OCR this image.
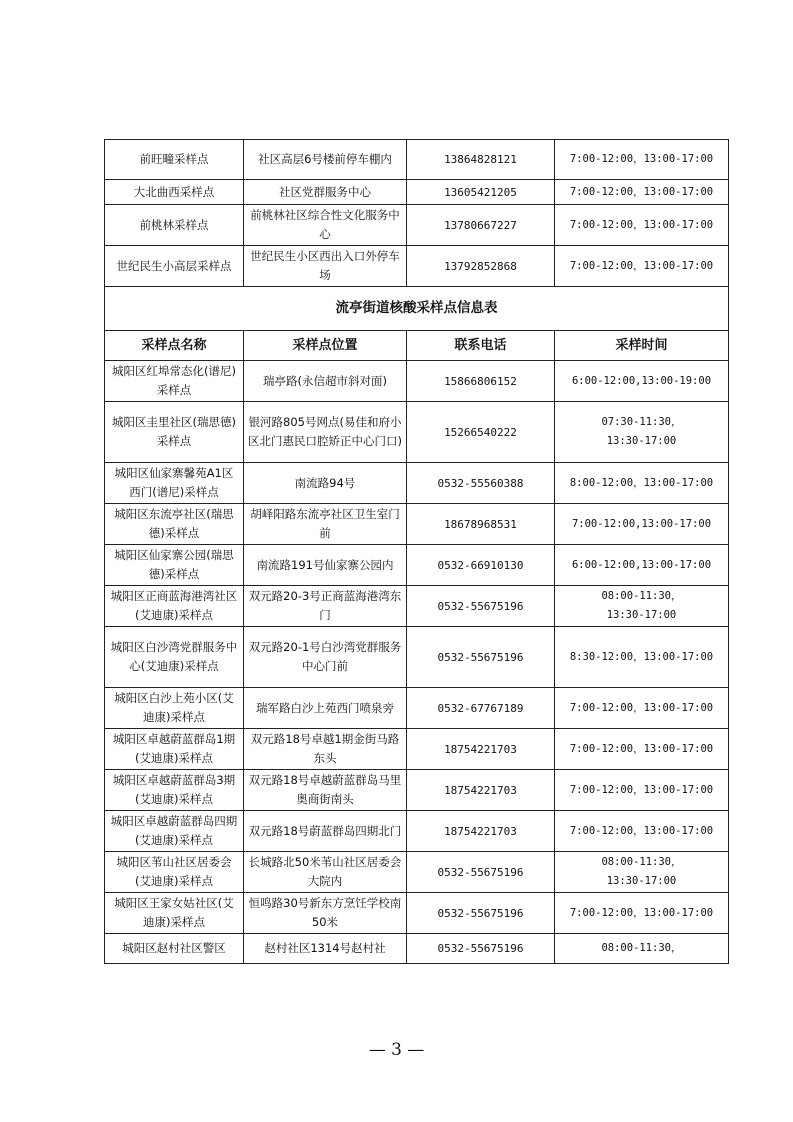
前旺疃采样点	社区高层6号楼前停车棚内	13864828121	7:00-12:00，13:00-17:00
大北曲西采样点	社区党群服务中心	13605421205	7:00-12:00，13:00-17:00
前桃林采样点	前桃林社区综合性文化服务中心	13780667227	7:00-12:00，13:00-17:00
世纪民生小高层采样点	世纪民生小区西出入口外停车场	13792852868	7:00-12:00，13:00-17:00
流亭街道核酸采样点信息表			
采样点名称	采样点位置	联系电话	采样时间
城阳区红埠常态化(谱尼)采样点	瑞亭路(永信超市斜对面)	15866806152	6:00-12:00,13:00-19:00
城阳区圭里社区(瑞思德)采样点	银河路805号网点(易佳和府小区北门惠民口腔矫正中心门口)	15266540222	07:30-11:30，
13:30-17:00
城阳区仙家寨馨苑A1区西门(谱尼)采样点	南流路94号	0532-55560388	8:00-12:00，13:00-17:00
城阳区东流亭社区(瑞思德)采样点	胡峄阳路东流亭社区卫生室门前	18678968531	7:00-12:00,13:00-17:00
城阳区仙家寨公园(瑞思德)采样点	南流路191号仙家寨公园内	0532-66910130	6:00-12:00,13:00-17:00
城阳区正商蓝海港湾社区(艾迪康)采样点	双元路20-3号正商蓝海港湾东门	0532-55675196	08:00-11:30，
13:30-17:00
城阳区白沙湾党群服务中心(艾迪康)采样点	双元路20-1号白沙湾党群服务中心门前	0532-55675196	8:30-12:00，13:00-17:00
城阳区白沙上苑小区(艾迪康)采样点	瑞军路白沙上苑西门喷泉旁	0532-67767189	7:00-12:00，13:00-17:00
城阳区卓越蔚蓝群岛1期(艾迪康)采样点	双元路18号卓越1期金街马路东头	18754221703	7:00-12:00，13:00-17:00
城阳区卓越蔚蓝群岛3期(艾迪康)采样点	双元路18号卓越蔚蓝群岛马里奥商街南头	18754221703	7:00-12:00，13:00-17:00
城阳区卓越蔚蓝群岛四期(艾迪康)采样点	双元路18号蔚蓝群岛四期北门	18754221703	7:00-12:00，13:00-17:00
城阳区苇山社区居委会(艾迪康)采样点	长城路北50米苇山社区居委会大院内	0532-55675196	08:00-11:30，
13:30-17:00
城阳区王家女姑社区(艾迪康)采样点	恒鸣路30号新东方烹饪学校南50米	0532-55675196	7:00-12:00，13:00-17:00
城阳区赵村社区警区	赵村社区1314号赵村社	0532-55675196	08:00-11:30，
— 3 —
